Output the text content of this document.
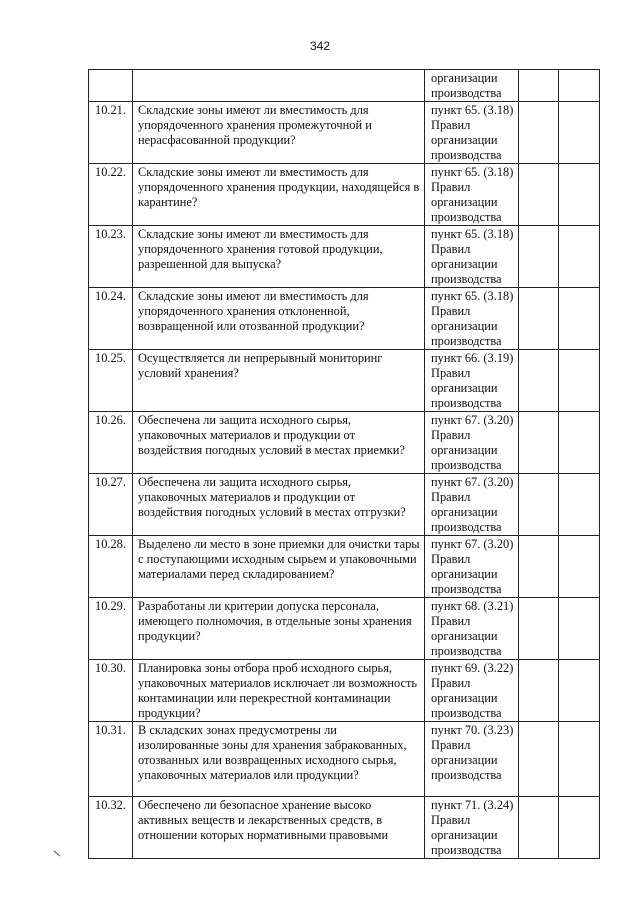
342
		организации производства		
10.21.	Складские зоны имеют ли вместимость для упорядоченного хранения промежуточной и нерасфасованной продукции?	пункт 65. (3.18) Правил организации производства		
10.22.	Складские зоны имеют ли вместимость для упорядоченного хранения продукции, находящейся в карантине?	пункт 65. (3.18) Правил организации производства		
10.23.	Складские зоны имеют ли вместимость для упорядоченного хранения готовой продукции, разрешенной для выпуска?	пункт 65. (3.18) Правил организации производства		
10.24.	Складские зоны имеют ли вместимость для упорядоченного хранения отклоненной, возвращенной или отозванной продукции?	пункт 65. (3.18) Правил организации производства		
10.25.	Осуществляется ли непрерывный мониторинг условий хранения?	пункт 66. (3.19) Правил организации производства		
10.26.	Обеспечена ли защита исходного сырья, упаковочных материалов и продукции от воздействия погодных условий в местах приемки?	пункт 67. (3.20) Правил организации производства		
10.27.	Обеспечена ли защита исходного сырья, упаковочных материалов и продукции от воздействия погодных условий в местах отгрузки?	пункт 67. (3.20) Правил организации производства		
10.28.	Выделено ли место в зоне приемки для очистки тары с поступающими исходным сырьем и упаковочными материалами перед складированием?	пункт 67. (3.20) Правил организации производства		
10.29.	Разработаны ли критерии допуска персонала, имеющего полномочия, в отдельные зоны хранения продукции?	пункт 68. (3.21) Правил организации производства		
10.30.	Планировка зоны отбора проб исходного сырья, упаковочных материалов исключает ли возможность контаминации или перекрестной контаминации продукции?	пункт 69. (3.22) Правил организации производства		
10.31.	В складских зонах предусмотрены ли изолированные зоны для хранения забракованных, отозванных или возвращенных исходного сырья, упаковочных материалов или продукции?	пункт 70. (3.23) Правил организации производства		
10.32.	Обеспечено ли безопасное хранение высоко активных веществ и лекарственных средств, в отношении которых нормативными правовыми	пункт 71. (3.24) Правил организации производства		
